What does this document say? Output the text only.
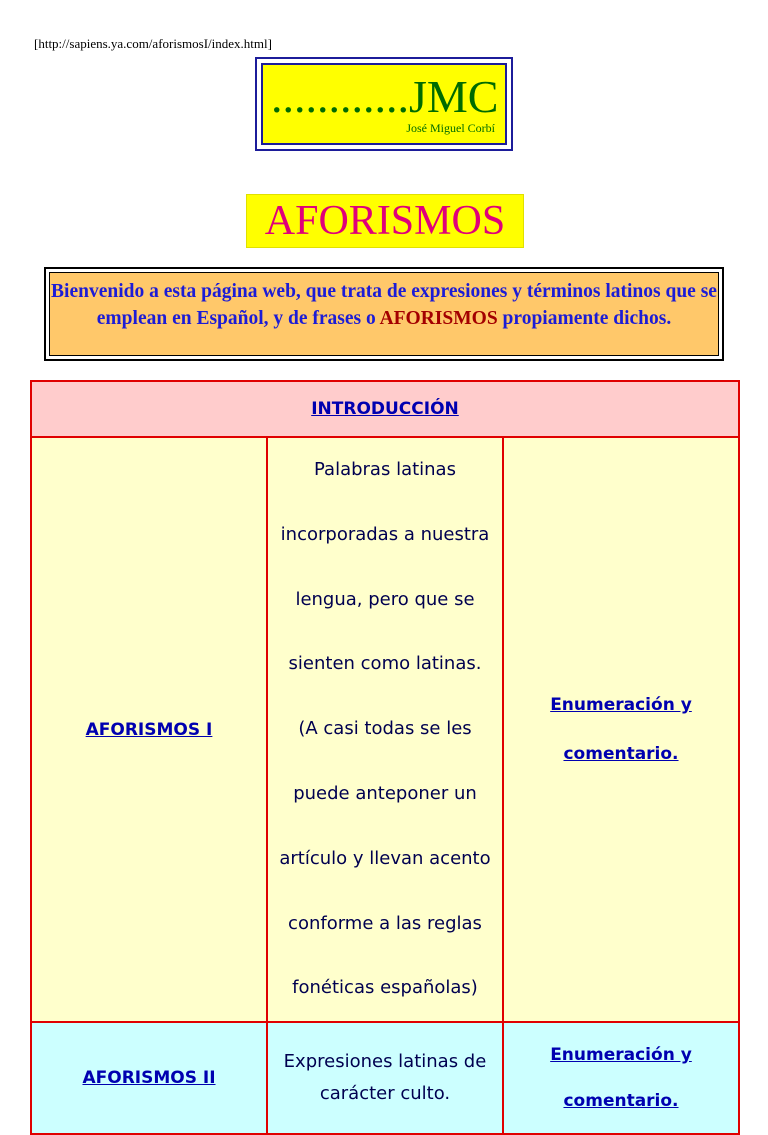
[http://sapiens.ya.com/aforismosI/index.html]
............JMC
José Miguel Corbí
AFORISMOS
Bienvenido a esta página web, que trata de expresiones y términos latinos que se emplean en Español, y de frases o AFORISMOS propiamente dichos.
INTRODUCCIÓN		
AFORISMOS I	Palabras latinas incorporadas a nuestra lengua, pero que se sienten como latinas. (A casi todas se les puede anteponer un artículo y llevan acento conforme a las reglas fonéticas españolas)	Enumeración y comentario.
AFORISMOS II	Expresiones latinas de carácter culto.	Enumeración y comentario.
